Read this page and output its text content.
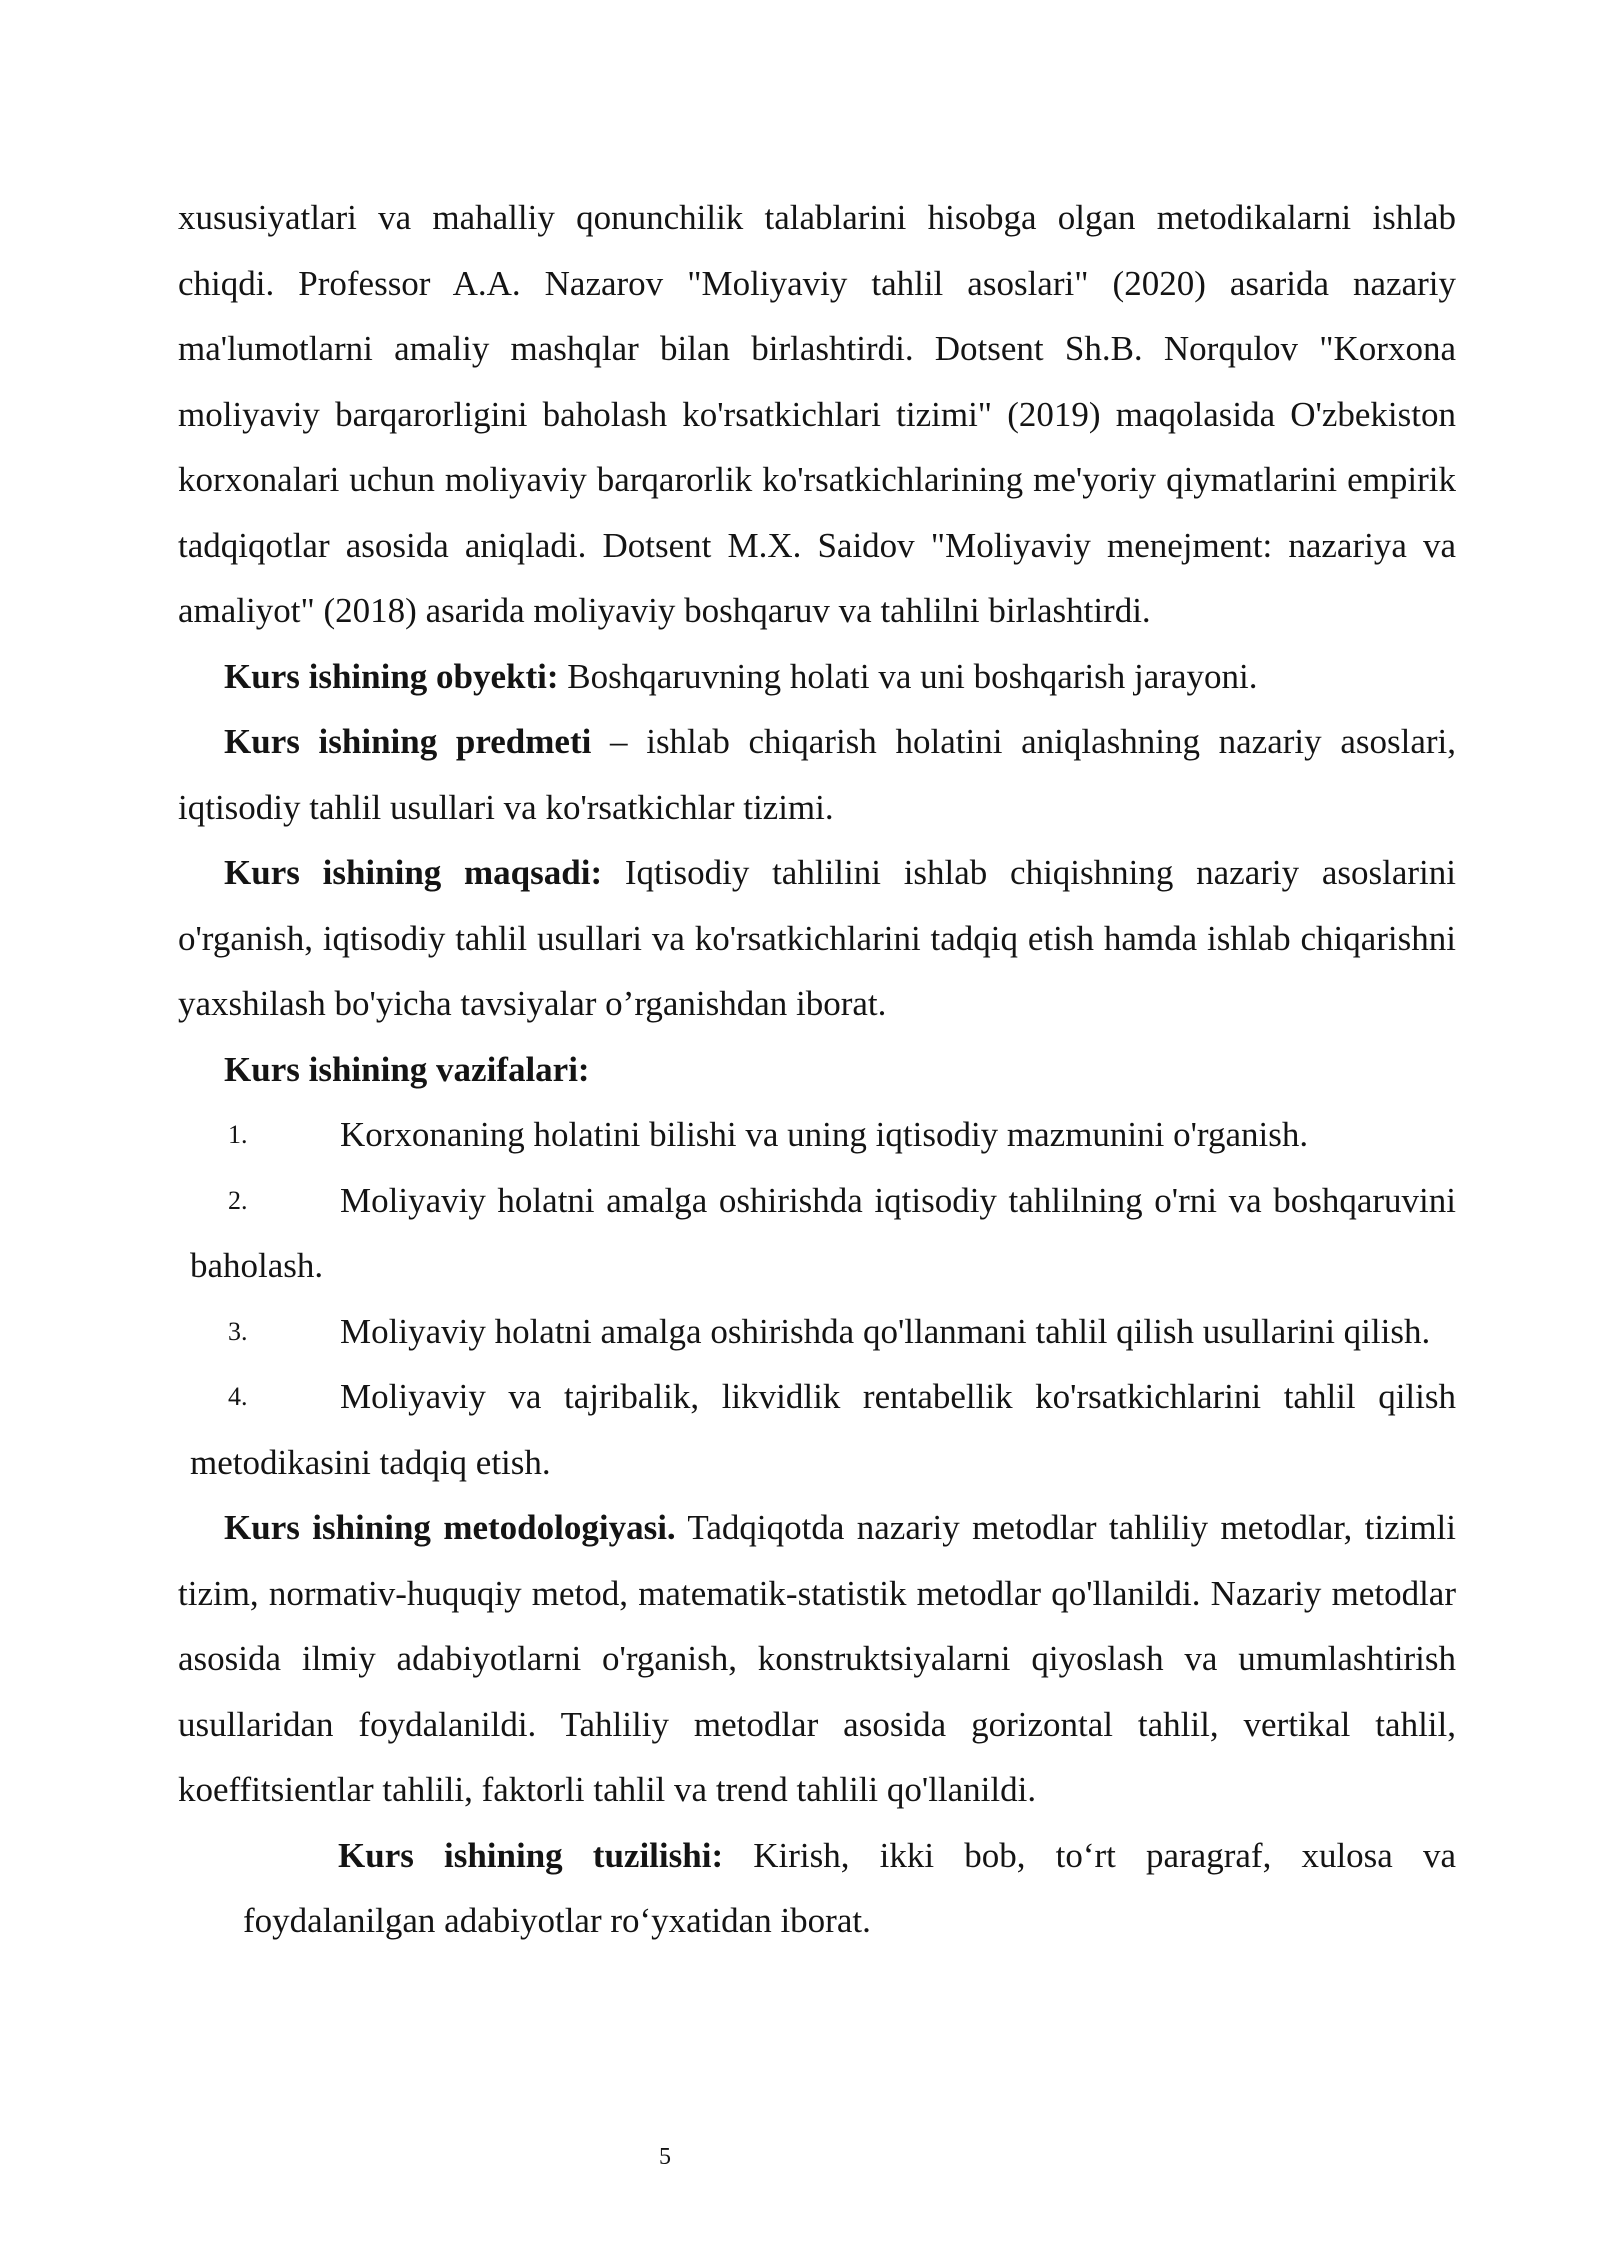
xususiyatlari va mahalliy qonunchilik talablarini hisobga olgan metodikalarni ishlab chiqdi. Professor A.A. Nazarov "Moliyaviy tahlil asoslari" (2020) asarida nazariy ma'lumotlarni amaliy mashqlar bilan birlashtirdi. Dotsent Sh.B. Norqulov "Korxona moliyaviy barqarorligini baholash ko'rsatkichlari tizimi" (2019) maqolasida O'zbekiston korxonalari uchun moliyaviy barqarorlik ko'rsatkichlarining me'yoriy qiymatlarini empirik tadqiqotlar asosida aniqladi. Dotsent M.X. Saidov "Moliyaviy menejment: nazariya va amaliyot" (2018) asarida moliyaviy boshqaruv va tahlilni birlashtirdi.

Kurs ishining obyekti: Boshqaruvning holati va uni boshqarish jarayoni.

Kurs ishining predmeti – ishlab chiqarish holatini aniqlashning nazariy asoslari, iqtisodiy tahlil usullari va ko'rsatkichlar tizimi.

Kurs ishining maqsadi: Iqtisodiy tahlilini ishlab chiqishning nazariy asoslarini o'rganish, iqtisodiy tahlil usullari va ko'rsatkichlarini tadqiq etish hamda ishlab chiqarishni yaxshilash bo'yicha tavsiyalar o’rganishdan iborat.

Kurs ishining vazifalari:

1.	Korxonaning holatini bilishi va uning iqtisodiy mazmunini o'rganish.

2.	Moliyaviy holatni amalga oshirishda iqtisodiy tahlilning o'rni va boshqaruvini baholash.

3.	Moliyaviy holatni amalga oshirishda qo'llanmani tahlil qilish usullarini qilish.

4.	Moliyaviy va tajribalik, likvidlik rentabellik ko'rsatkichlarini tahlil qilish metodikasini tadqiq etish.

Kurs ishining metodologiyasi. Tadqiqotda nazariy metodlar tahliliy metodlar, tizimli tizim, normativ-huquqiy metod, matematik-statistik metodlar qo'llanildi. Nazariy metodlar asosida ilmiy adabiyotlarni o'rganish, konstruktsiyalarni qiyoslash va umumlashtirish usullaridan foydalanildi. Tahliliy metodlar asosida gorizontal tahlil, vertikal tahlil, koeffitsientlar tahlili, faktorli tahlil va trend tahlili qo'llanildi.

Kurs ishining tuzilishi: Kirish, ikki bob, to‘rt paragraf, xulosa va foydalanilgan adabiyotlar ro‘yxatidan iborat.

5
